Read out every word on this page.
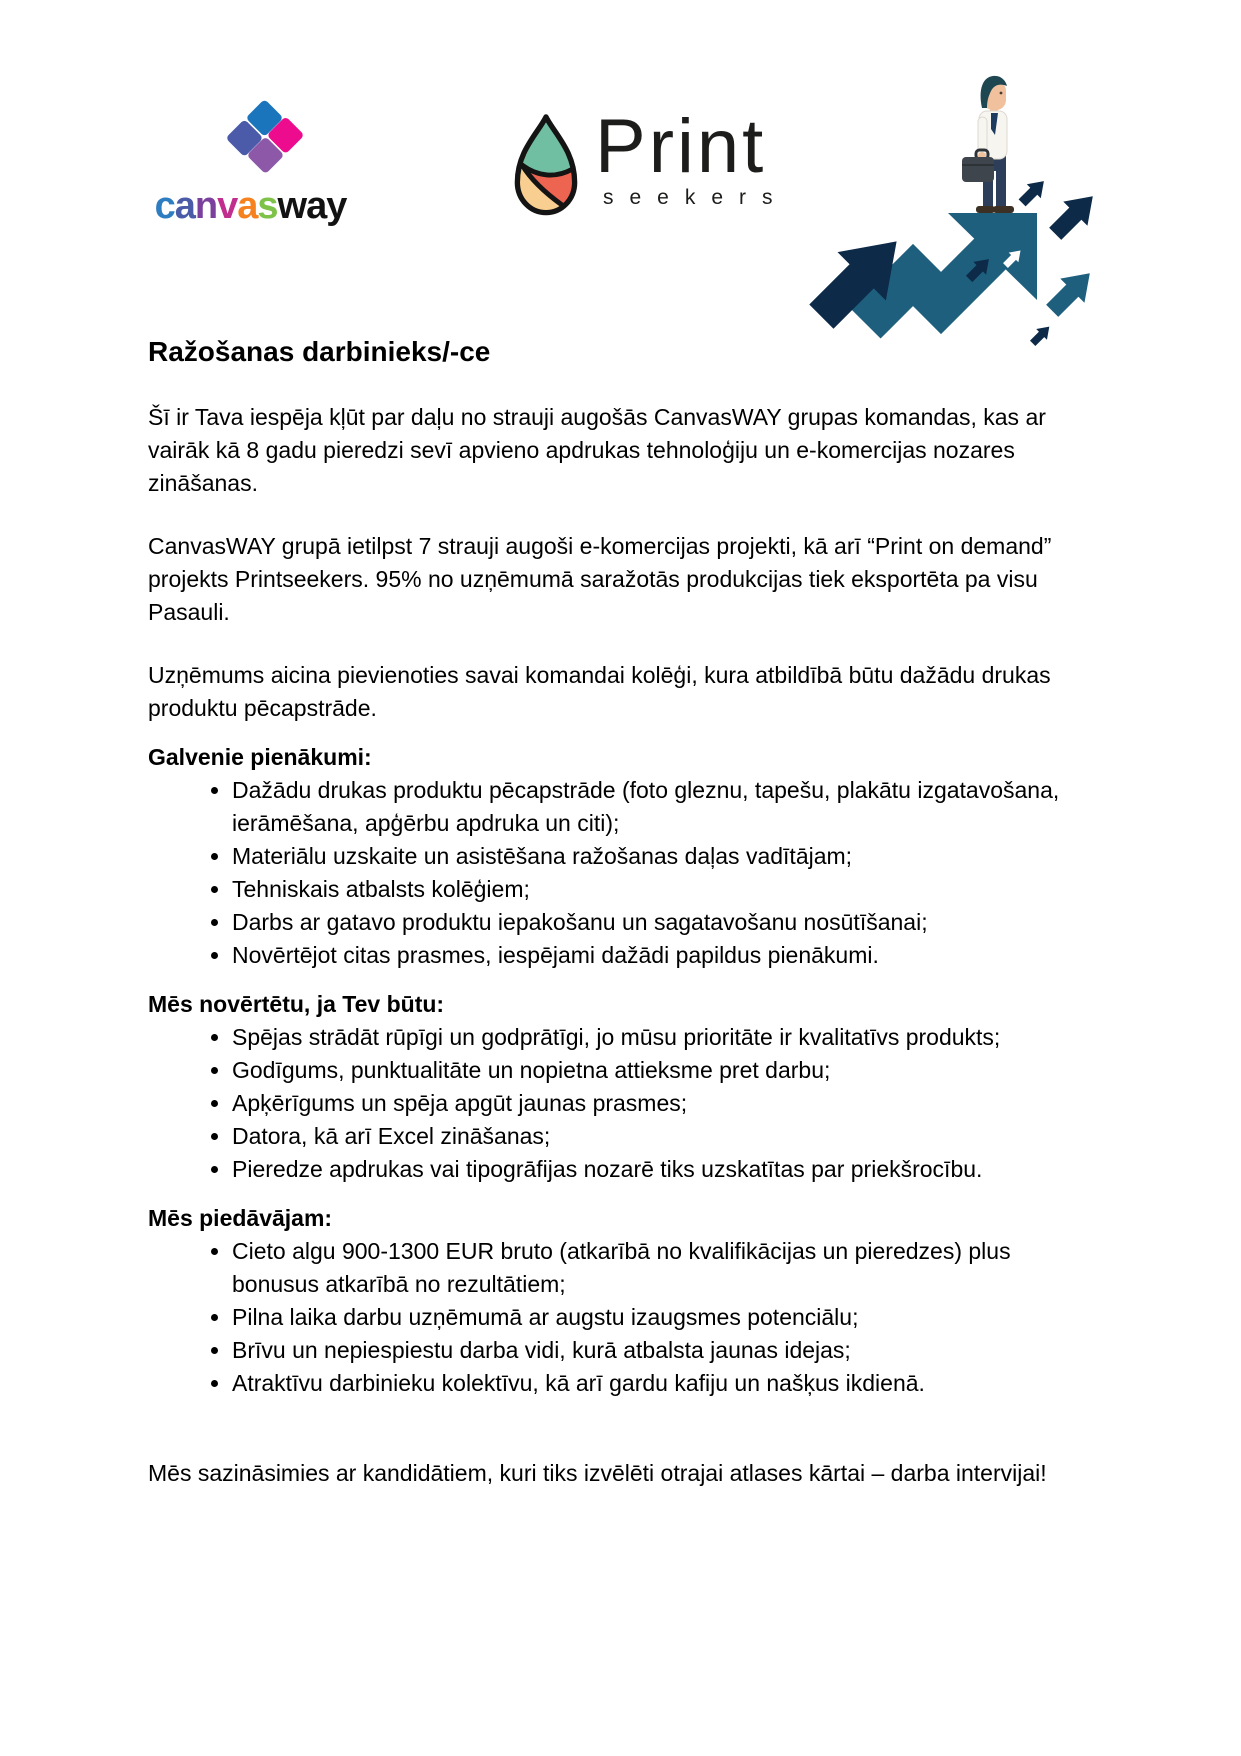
canvasway
Print
seekers
Ražošanas darbinieks/-ce

Šī ir Tava iespēja kļūt par daļu no strauji augošās CanvasWAY grupas komandas, kas ar vairāk kā 8 gadu pieredzi sevī apvieno apdrukas tehnoloģiju un e-komercijas nozares zināšanas.

CanvasWAY grupā ietilpst 7 strauji augoši e-komercijas projekti, kā arī “Print on demand” projekts Printseekers. 95% no uzņēmumā saražotās produkcijas tiek eksportēta pa visu Pasauli.

Uzņēmums aicina pievienoties savai komandai kolēģi, kura atbildībā būtu dažādu drukas produktu pēcapstrāde.

Galvenie pienākumi:
• Dažādu drukas produktu pēcapstrāde (foto gleznu, tapešu, plakātu izgatavošana, ierāmēšana, apģērbu apdruka un citi);
• Materiālu uzskaite un asistēšana ražošanas daļas vadītājam;
• Tehniskais atbalsts kolēģiem;
• Darbs ar gatavo produktu iepakošanu un sagatavošanu nosūtīšanai;
• Novērtējot citas prasmes, iespējami dažādi papildus pienākumi.
Mēs novērtētu, ja Tev būtu:
• Spējas strādāt rūpīgi un godprātīgi, jo mūsu prioritāte ir kvalitatīvs produkts;
• Godīgums, punktualitāte un nopietna attieksme pret darbu;
• Apķērīgums un spēja apgūt jaunas prasmes;
• Datora, kā arī Excel zināšanas;
• Pieredze apdrukas vai tipogrāfijas nozarē tiks uzskatītas par priekšrocību.
Mēs piedāvājam:
• Cieto algu 900-1300 EUR bruto (atkarībā no kvalifikācijas un pieredzes) plus bonusus atkarībā no rezultātiem;
• Pilna laika darbu uzņēmumā ar augstu izaugsmes potenciālu;
• Brīvu un nepiespiestu darba vidi, kurā atbalsta jaunas idejas;
• Atraktīvu darbinieku kolektīvu, kā arī gardu kafiju un našķus ikdienā.

Mēs sazināsimies ar kandidātiem, kuri tiks izvēlēti otrajai atlases kārtai – darba intervijai!
